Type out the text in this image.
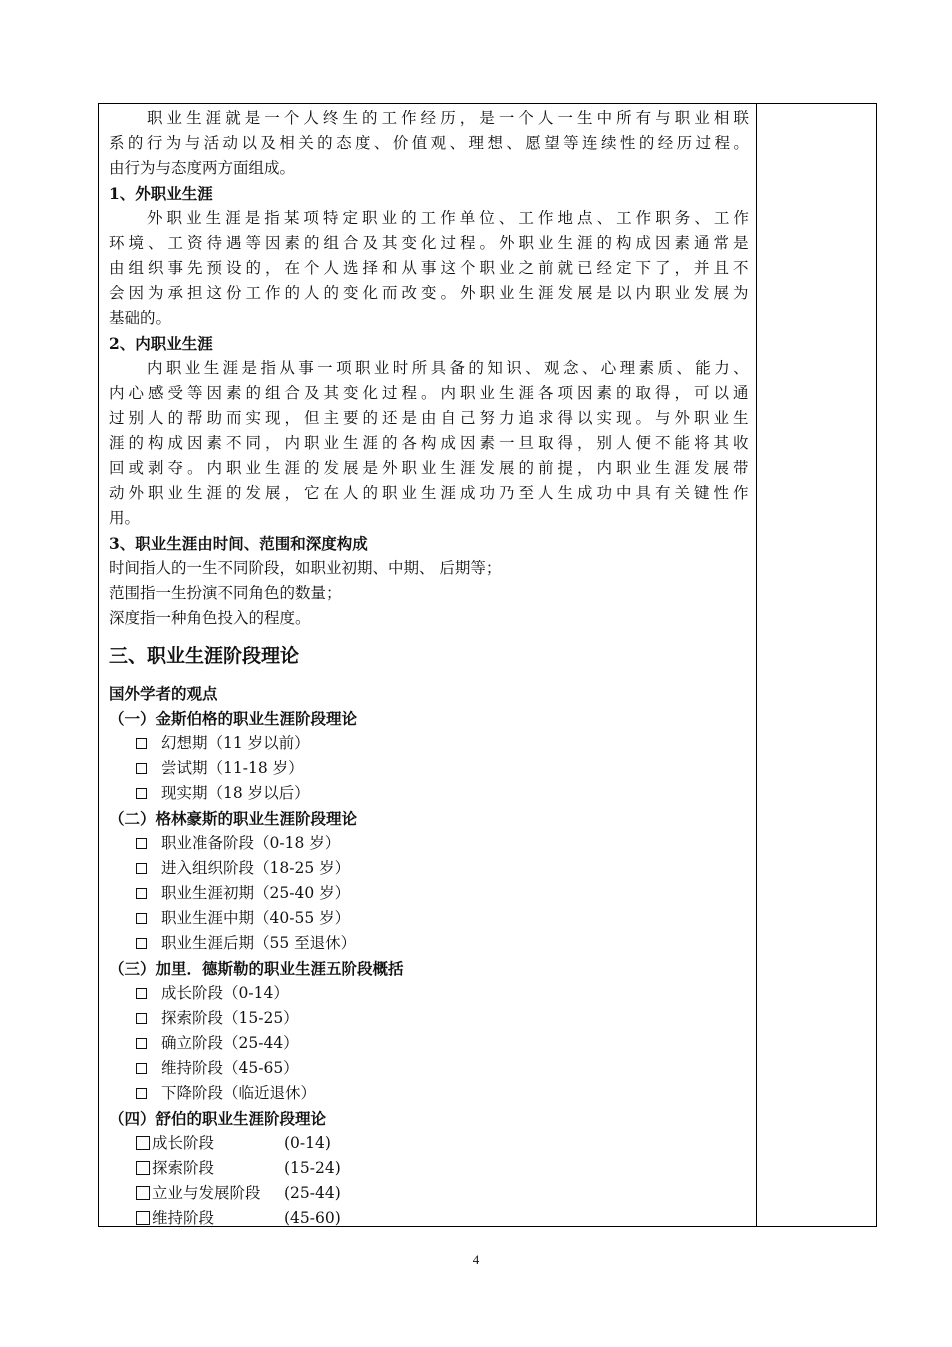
职 业 生 涯 就 是 一 个 人 终 生 的 工 作 经 历 ， 是 一 个 人 一 生 中 所 有 与 职 业 相 联
系 的 行 为 与 活 动 以 及 相 关 的 态 度 、 价 值 观 、 理 想 、 愿 望 等 连 续 性 的 经 历 过 程 。
由行为与态度两方面组成。
1、外职业生涯
外 职 业 生 涯 是 指 某 项 特 定 职 业 的 工 作 单 位 、 工 作 地 点 、 工 作 职 务 、 工 作
环 境 、 工 资 待 遇 等 因 素 的 组 合 及 其 变 化 过 程 。 外 职 业 生 涯 的 构 成 因 素 通 常 是
由 组 织 事 先 预 设 的 ， 在 个 人 选 择 和 从 事 这 个 职 业 之 前 就 已 经 定 下 了 ， 并 且 不
会 因 为 承 担 这 份 工 作 的 人 的 变 化 而 改 变 。 外 职 业 生 涯 发 展 是 以 内 职 业 发 展 为
基础的。
2、内职业生涯
内 职 业 生 涯 是 指 从 事 一 项 职 业 时 所 具 备 的 知 识 、 观 念 、 心 理 素 质 、 能 力 、
内 心 感 受 等 因 素 的 组 合 及 其 变 化 过 程 。 内 职 业 生 涯 各 项 因 素 的 取 得 ， 可 以 通
过 别 人 的 帮 助 而 实 现 ， 但 主 要 的 还 是 由 自 己 努 力 追 求 得 以 实 现 。 与 外 职 业 生
涯 的 构 成 因 素 不 同 ， 内 职 业 生 涯 的 各 构 成 因 素 一 旦 取 得 ， 别 人 便 不 能 将 其 收
回 或 剥 夺 。 内 职 业 生 涯 的 发 展 是 外 职 业 生 涯 发 展 的 前 提 ， 内 职 业 生 涯 发 展 带
动 外 职 业 生 涯 的 发 展 ， 它 在 人 的 职 业 生 涯 成 功 乃 至 人 生 成 功 中 具 有 关 键 性 作
用。
3、职业生涯由时间、范围和深度构成
时间指人的一生不同阶段，如职业初期、中期、 后期等；
范围指一生扮演不同角色的数量；
深度指一种角色投入的程度。
三、职业生涯阶段理论
国外学者的观点
（一）金斯伯格的职业生涯阶段理论
幻想期（11 岁以前）
尝试期（11-18 岁）
现实期（18 岁以后）
（二）格林豪斯的职业生涯阶段理论
职业准备阶段（0-18 岁）
进入组织阶段（18-25 岁）
职业生涯初期（25-40 岁）
职业生涯中期（40-55 岁）
职业生涯后期（55 至退休）
（三）加里．德斯勒的职业生涯五阶段概括
成长阶段（0-14）
探索阶段（15-25）
确立阶段（25-44）
维持阶段（45-65）
下降阶段（临近退休）
（四）舒伯的职业生涯阶段理论
成长阶段	(0-14)
探索阶段	(15-24)
立业与发展阶段 (25-44)
维持阶段	(45-60)
4
